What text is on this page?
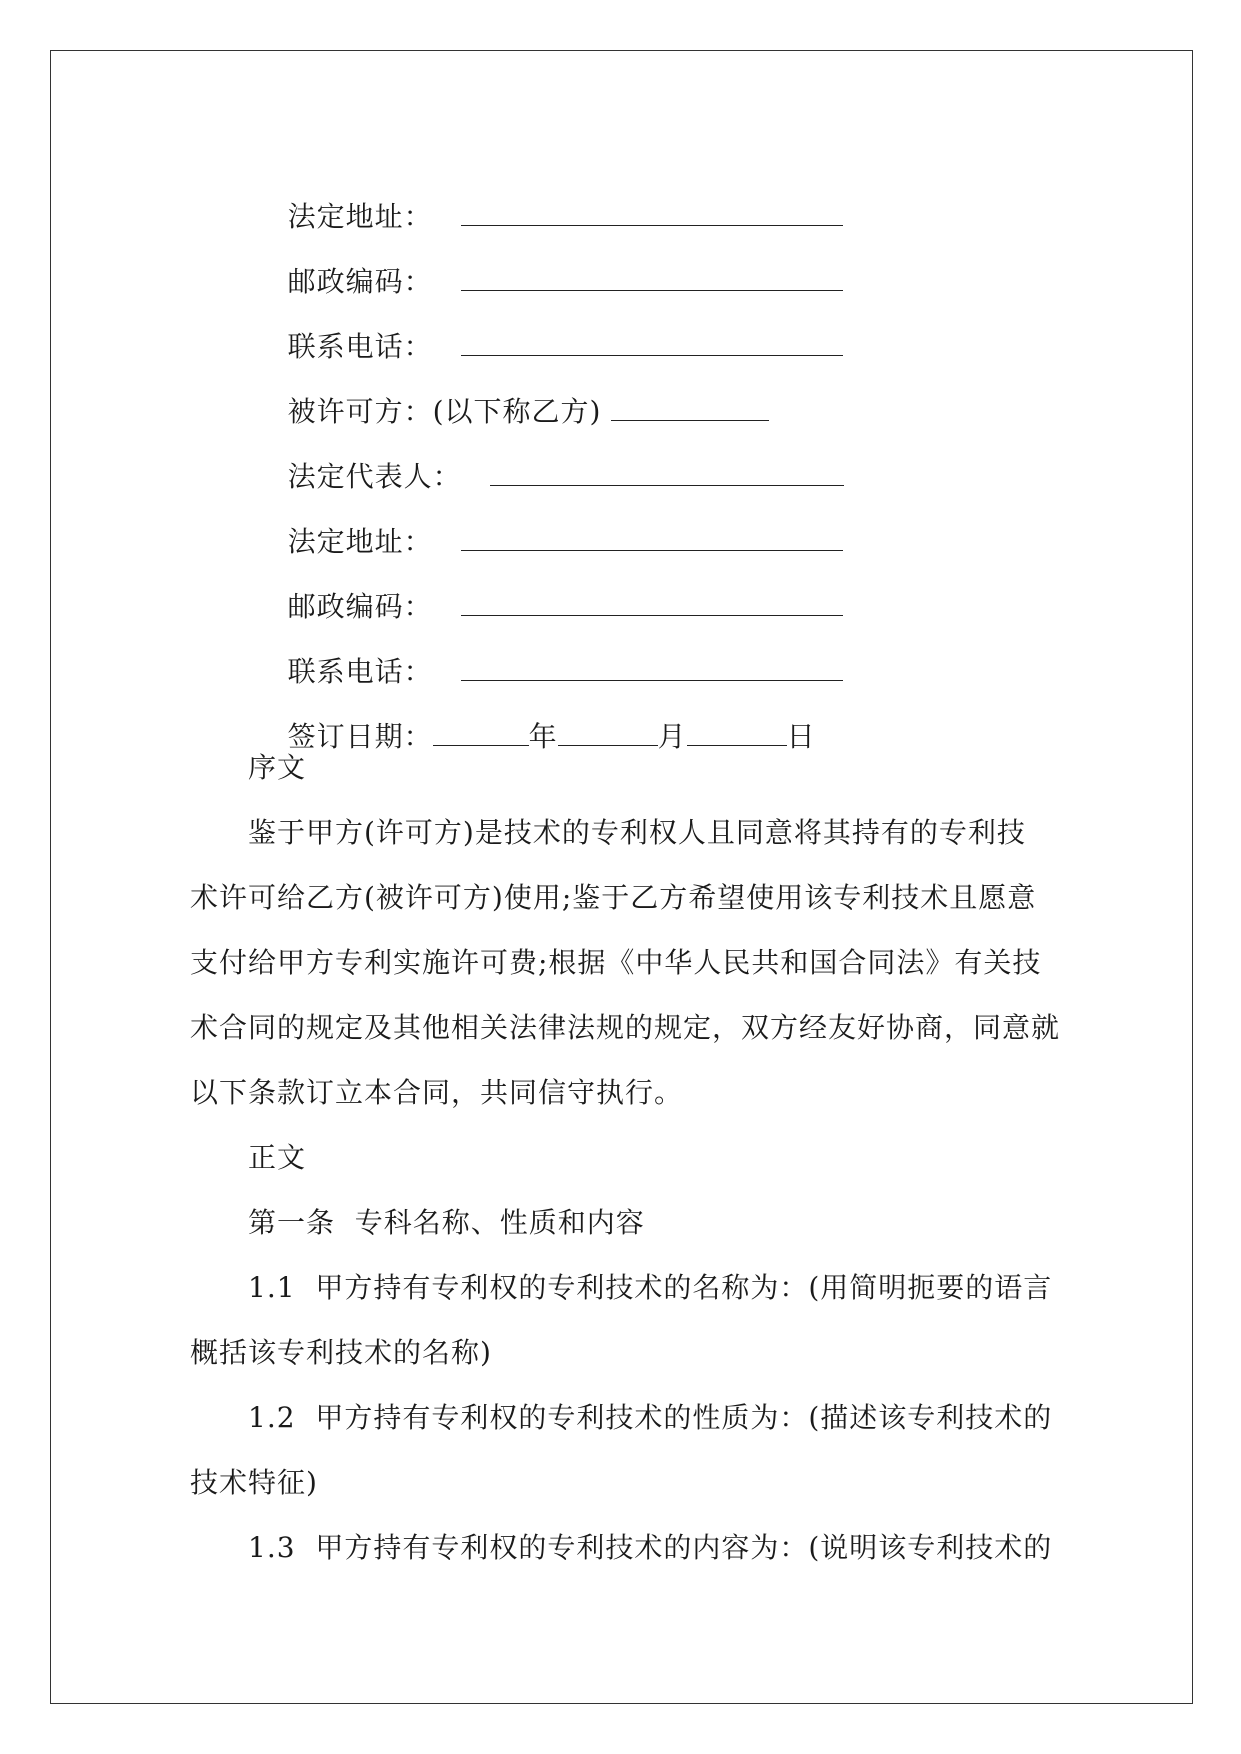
法定地址：

邮政编码：

联系电话：

被许可方：(以下称乙方)

法定代表人：

法定地址：

邮政编码：

联系电话：

签订日期：	年	月	日

序文
鉴于甲方(许可方)是技术的专利权人且同意将其持有的专利技
术许可给乙方(被许可方)使用;鉴于乙方希望使用该专利技术且愿意
支付给甲方专利实施许可费;根据《中华人民共和国合同法》有关技
术合同的规定及其他相关法律法规的规定，双方经友好协商，同意就
以下条款订立本合同，共同信守执行。
正文
第一条  专科名称、性质和内容
1.1  甲方持有专利权的专利技术的名称为：(用简明扼要的语言
概括该专利技术的名称)
1.2  甲方持有专利权的专利技术的性质为：(描述该专利技术的
技术特征)
1.3  甲方持有专利权的专利技术的内容为：(说明该专利技术的
